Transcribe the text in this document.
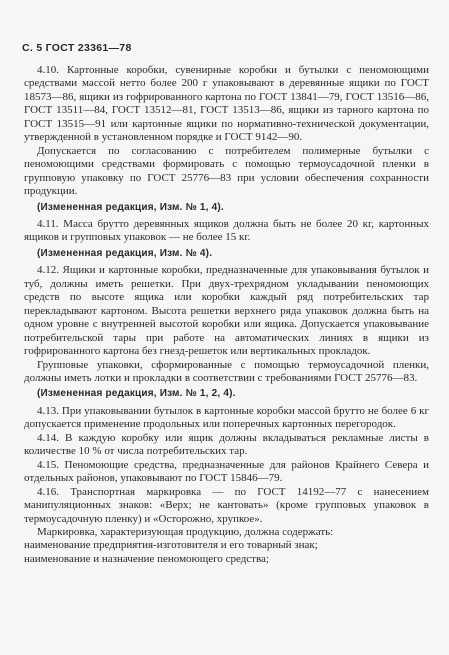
С. 5 ГОСТ 23361—78

4.10. Картонные коробки, сувенирные коробки и бутылки с пеномоющими средствами массой нетто более 200 г упаковывают в деревянные ящики по ГОСТ 18573—86, ящики из гофрированного картона по ГОСТ 13841—79, ГОСТ 13516—86, ГОСТ 13511—84, ГОСТ 13512—81, ГОСТ 13513—86, ящики из тарного картона по ГОСТ 13515—91 или картонные ящики по нормативно-технической документации, утвержденной в установленном порядке и ГОСТ 9142—90.

Допускается по согласованию с потребителем полимерные бутылки с пеномоющими средствами формировать с помощью термоусадочной пленки в групповую упаковку по ГОСТ 25776—83 при условии обеспечения сохранности продукции.

(Измененная редакция, Изм. № 1, 4).

4.11. Масса брутто деревянных ящиков должна быть не более 20 кг, картонных ящиков и групповых упаковок — не более 15 кг.

(Измененная редакция, Изм. № 4).

4.12. Ящики и картонные коробки, предназначенные для упаковывания бутылок и туб, должны иметь решетки. При двух-трехрядном укладывании пеномоющих средств по высоте ящика или коробки каждый ряд потребительских тар перекладывают картоном. Высота решетки верхнего ряда упаковок должна быть на одном уровне с внутренней высотой коробки или ящика. Допускается упаковывание потребительской тары при работе на автоматических линиях в ящики из гофрированного картона без гнезд-решеток или вертикальных прокладок.

Групповые упаковки, сформированные с помощью термоусадочной пленки, должны иметь лотки и прокладки в соответствии с требованиями ГОСТ 25776—83.

(Измененная редакция, Изм. № 1, 2, 4).

4.13. При упаковывании бутылок в картонные коробки массой брутто не более 6 кг допускается применение продольных или поперечных картонных перегородок.

4.14. В каждую коробку или ящик должны вкладываться рекламные листы в количестве 10 % от числа потребительских тар.

4.15. Пеномоющие средства, предназначенные для районов Крайнего Севера и отдельных районов, упаковывают по ГОСТ 15846—79.

4.16. Транспортная маркировка — по ГОСТ 14192—77 с нанесением манипуляционных знаков: «Верх; не кантовать» (кроме групповых упаковок в термоусадочную пленку) и «Осторожно, хрупкое».

Маркировка, характеризующая продукцию, должна содержать:
наименование предприятия-изготовителя и его товарный знак;
наименование и назначение пеномоющего средства;
